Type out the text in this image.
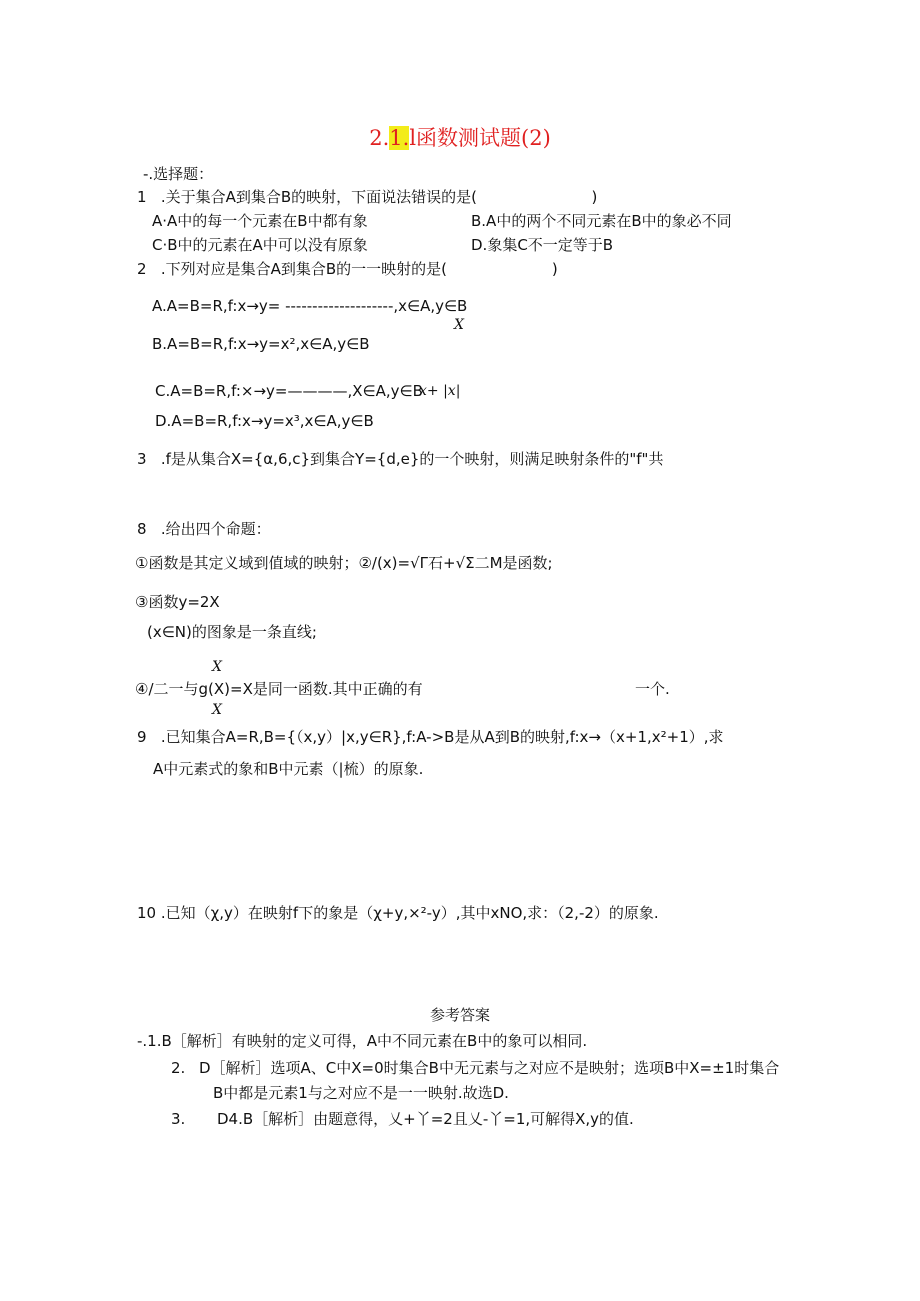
2.1.l函数测试题(2)
-.选择题：
1   .关于集合A到集合B的映射，下面说法错误的是(                        )
A·A中的每一个元素在B中都有象	B.A中的两个不同元素在B中的象必不同
C·B中的元素在A中可以没有原象	D.象集C不一定等于B
2   .下列对应是集合A到集合B的一一映射的是(                      )
A.A=B=R,f:x→y= --------------------,x∈A,y∈B
X
B.A=B=R,f:x→y=x²,x∈A,y∈B
C.A=B=R,f:×→y=————,X∈A,y∈B
x+ |x|
D.A=B=R,f:x→y=x³,x∈A,y∈B
3   .f是从集合X={α,6,c}到集合Y={d,e}的一个映射，则满足映射条件的"f"共
8   .给出四个命题：
①函数是其定义域到值域的映射；②/(x)=√Γ石+√Σ二M是函数;
③函数y=2X
(x∈N)的图象是一条直线;
X
④/二一与g(X)=X是同一函数.其中正确的有	一个.
X
9   .已知集合A=R,B={（x,y）|x,y∈R},f:A->B是从A到B的映射,f:x→（x+1,x²+1）,求
A中元素式的象和B中元素（|梳）的原象.
10 .已知（χ,y）在映射f下的象是（χ+y,×²-y）,其中xNO,求：（2,-2）的原象.
参考答案
-.1.B［解析］有映射的定义可得，A中不同元素在B中的象可以相同.
2. D［解析］选项A、C中X=0时集合B中无元素与之对应不是映射；选项B中X=±1时集合
B中都是元素1与之对应不是一一映射.故选D.
3. D4.B［解析］由题意得，乂+丫=2且乂-丫=1,可解得X,y的值.
